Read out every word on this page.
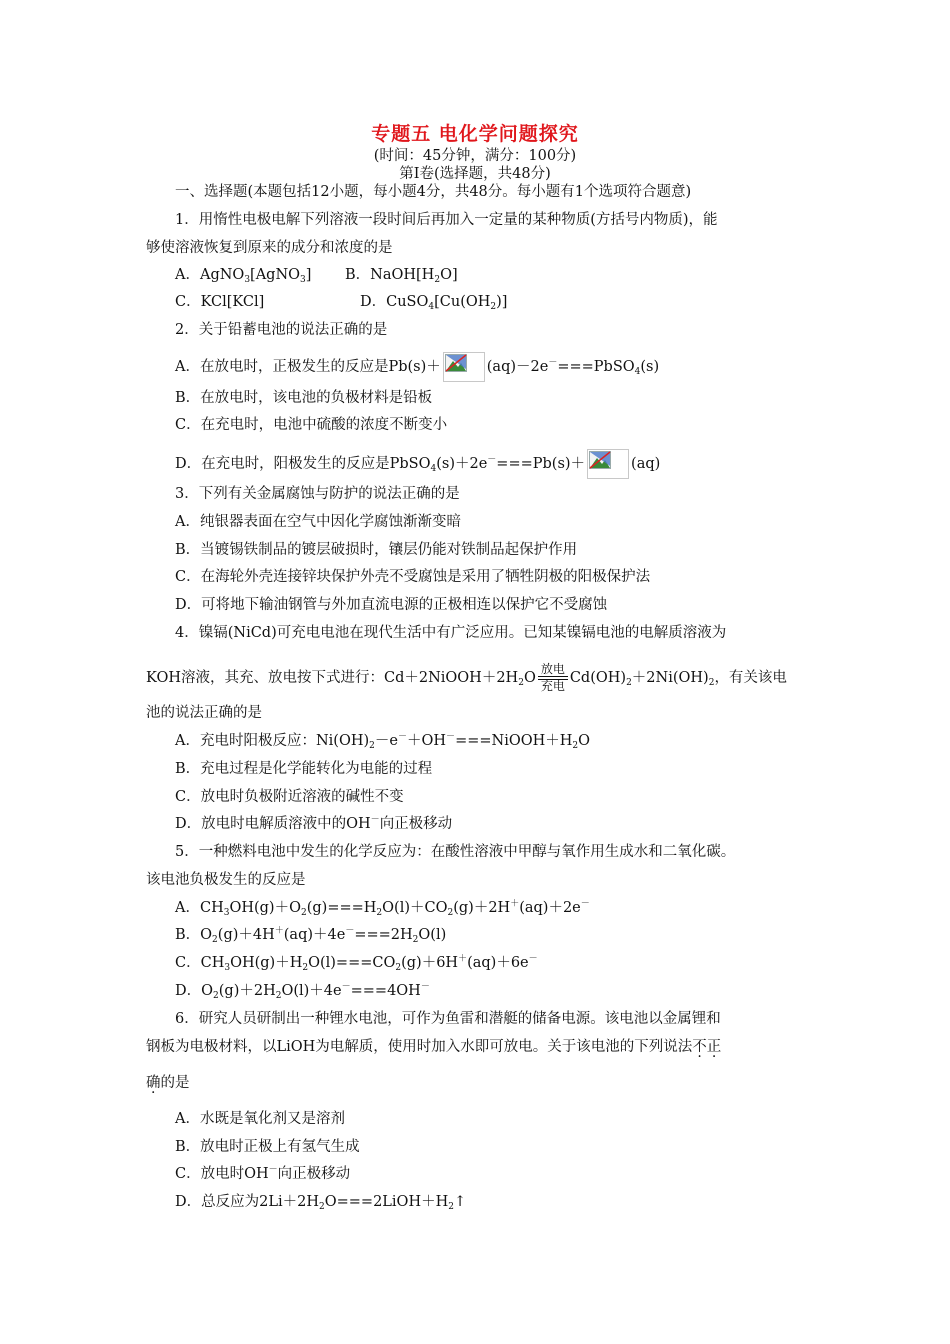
专题五 电化学问题探究
(时间：45分钟，满分：100分)
第Ⅰ卷(选择题，共48分)
一、选择题(本题包括12小题，每小题4分，共48分。每小题有1个选项符合题意)
1．用惰性电极电解下列溶液一段时间后再加入一定量的某种物质(方括号内物质)，能
够使溶液恢复到原来的成分和浓度的是
A．AgNO$_3$[AgNO$_3$] B．$NaOH[H_2O]$
C．KCl[KCl]	D．$CuSO_4[Cu(OH_2)]$
2．关于铅蓄电池的说法正确的是
A．在放电时，正极发生的反应是Pb(s)＋	(aq)－2e－===PbSO$_4$(s)
B．在放电时，该电池的负极材料是铅板
C．在充电时，电池中硫酸的浓度不断变小
D．在充电时，阳极发生的反应是PbSO$_4$(s)＋2e－===Pb(s)＋	(aq)
3．下列有关金属腐蚀与防护的说法正确的是
A．纯银器表面在空气中因化学腐蚀渐渐变暗
B．当镀锡铁制品的镀层破损时，镶层仍能对铁制品起保护作用
C．在海轮外壳连接锌块保护外壳不受腐蚀是采用了牺牲阴极的阳极保护法
D．可将地下输油钢管与外加直流电源的正极相连以保护它不受腐蚀
4．镍镉(NiCd)可充电电池在现代生活中有广泛应用。已知某镍镉电池的电解质溶液为
KOH溶液，其充、放电按下式进行：$Cd+2NiOOH+2H_2O$
放电
充电 $Cd(OH)_2+2Ni(OH)_2$，有关该电
池的说法正确的是
A．充电时阳极反应：$Ni(OH)_2-e^-+OH^-===NiOOH+H_2O$
B．充电过程是化学能转化为电能的过程
C．放电时负极附近溶液的碱性不变
D．放电时电解质溶液中的OH－向正极移动
5．一种燃料电池中发生的化学反应为：在酸性溶液中甲醇与氧作用生成水和二氧化碳。
该电池负极发生的反应是
A．$CH_3OH(g)+O_2(g)===H_2O(l)+CO_2(g)+2H^+(aq)+2e^-$
B．$O_2(g)+4H^+(aq)+4e^-===2H_2O(l)$
C．$CH_3OH(g)+H_2O(l)===CO_2(g)+6H^+(aq)+6e^-$
D．$O_2(g)+2H_2O(l)+4e^-===4OH^-$
6．研究人员研制出一种锂水电池，可作为鱼雷和潜艇的储备电源。该电池以金属锂和
钢板为电极材料，以LiOH为电解质，使用时加入水即可放电。关于该电池的下列说法不正
确的是
A．水既是氧化剂又是溶剂
B．放电时正极上有氢气生成
C．放电时OH－向正极移动
D．总反应为$2Li+2H_2O===2LiOH+H_2↑$
